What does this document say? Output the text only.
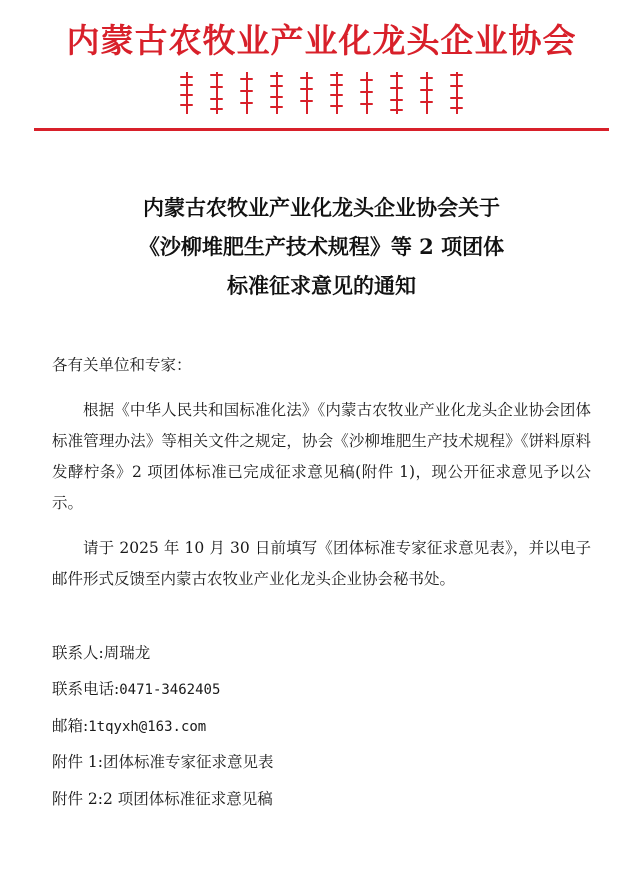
内蒙古农牧业产业化龙头企业协会
内蒙古农牧业产业化龙头企业协会关于
《沙柳堆肥生产技术规程》等 2 项团体
标准征求意见的通知
各有关单位和专家：

根据《中华人民共和国标准化法》《内蒙古农牧业产业化龙头企业协会团体标准管理办法》等相关文件之规定，协会《沙柳堆肥生产技术规程》《饼料原料　发酵柠条》2 项团体标准已完成征求意见稿(附件 1)，现公开征求意见予以公示。

请于 2025 年 10 月 30 日前填写《团体标准专家征求意见表》，并以电子邮件形式反馈至内蒙古农牧业产业化龙头企业协会秘书处。

联系人:周瑞龙
联系电话:0471-3462405
邮箱:1tqyxh@163.com
附件 1:团体标准专家征求意见表
附件 2:2 项团体标准征求意见稿
